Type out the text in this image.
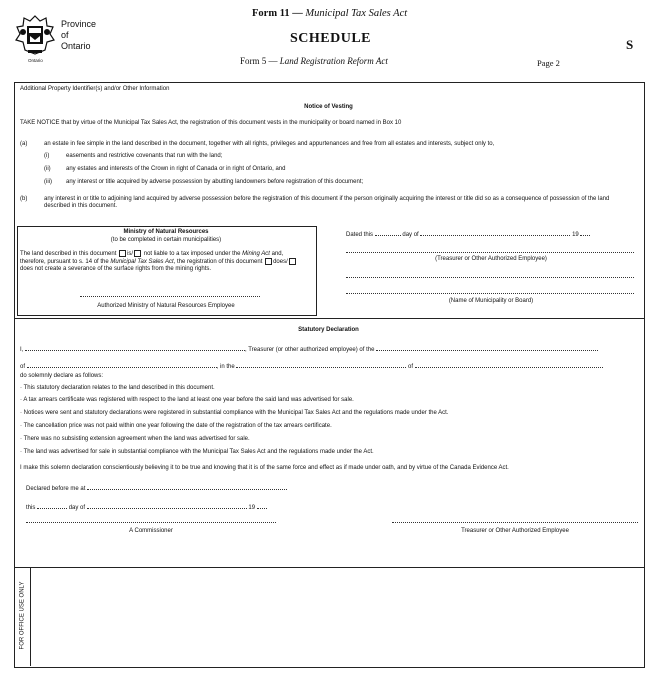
Ontario
Province
of
Ontario
Form 11 — Municipal Tax Sales Act
SCHEDULE	S
Form 5 — Land Registration Reform Act	Page 2
Additional Property Identifier(s) and/or Other Information
Notice of Vesting
TAKE NOTICE that by virtue of the Municipal Tax Sales Act, the registration of this document vests in the municipality or board named in Box 10
(a)	an estate in fee simple in the land described in the document, together with all rights, privileges and appurtenances and free from all estates and interests, subject only to,
(i)	easements and restrictive covenants that run with the land;
(ii)	any estates and interests of the Crown in right of Canada or in right of Ontario, and
(iii) any interest or title acquired by adverse possession by abutting landowners before registration of this document;
(b)	any interest in or title to adjoining land acquired by adverse possession before the registration of this document if the person originally acquiring the interest or title did so as a consequence of possession of the land described in this document.
Ministry of Natural Resources
(to be completed in certain municipalities)
The land described in this document is/ not liable to a tax imposed under the Mining Act and, therefore, pursuant to s. 14 of the Municipal Tax Sales Act, the registration of this document does/ does not create a severance of the surface rights from the mining rights.
Authorized Ministry of Natural Resources Employee
Dated this	day of	19
(Treasurer or Other Authorized Employee)
(Name of Municipality or Board)
Statutory Declaration
I,	, Treasurer (or other authorized employee) of the
of	, in the	of
do solemnly declare as follows:
· This statutory declaration relates to the land described in this document.
· A tax arrears certificate was registered with respect to the land at least one year before the said land was advertised for sale.
· Notices were sent and statutory declarations were registered in substantial compliance with the Municipal Tax Sales Act and the regulations made under the Act.
· The cancellation price was not paid within one year following the date of the registration of the tax arrears certificate.
· There was no subsisting extension agreement when the land was advertised for sale.
· The land was advertised for sale in substantial compliance with the Municipal Tax Sales Act and the regulations made under the Act.
I make this solemn declaration conscientiously believing it to be true and knowing that it is of the same force and effect as if made under oath, and by virtue of the Canada Evidence Act.
Declared before me at
this	day of	19
A Commissioner	Treasurer or Other Authorized Employee
FOR OFFICE USE ONLY
